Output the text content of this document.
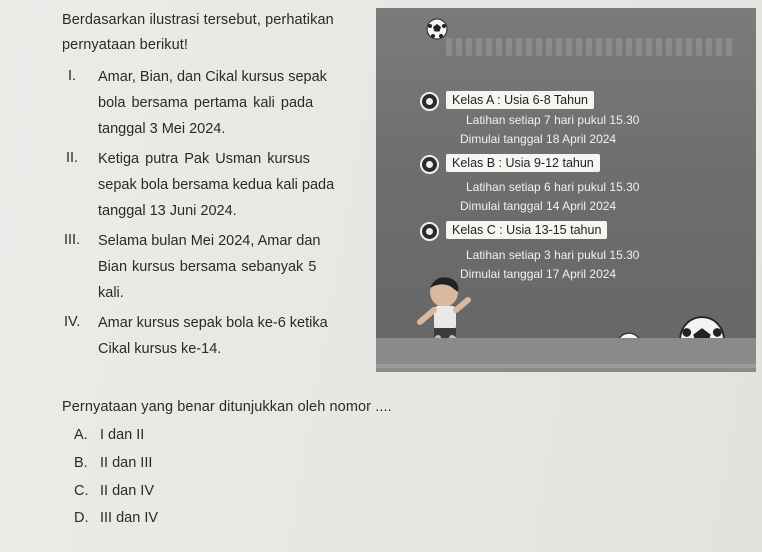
Berdasarkan ilustrasi tersebut, perhatikan
pernyataan berikut!
I. Amar, Bian, dan Cikal kursus sepak
bola bersama pertama kali pada
tanggal 3 Mei 2024.
II. Ketiga putra Pak Usman kursus
sepak bola bersama kedua kali pada
tanggal 13 Juni 2024.
III. Selama bulan Mei 2024, Amar dan
Bian kursus bersama sebanyak 5
kali.
IV. Amar kursus sepak bola ke-6 ketika
Cikal kursus ke-14.
Kelas A : Usia 6-8 Tahun
Latihan setiap 7 hari pukul 15.30
Dimulai tanggal 18 April 2024
Kelas B : Usia 9-12 tahun
Latihan setiap 6 hari pukul 15.30
Dimulai tanggal 14 April 2024
Kelas C : Usia 13-15 tahun
Latihan setiap 3 hari pukul 15.30
Dimulai tanggal 17 April 2024
Pernyataan yang benar ditunjukkan oleh nomor ....
A. I dan II
B. II dan III
C. II dan IV
D. III dan IV
